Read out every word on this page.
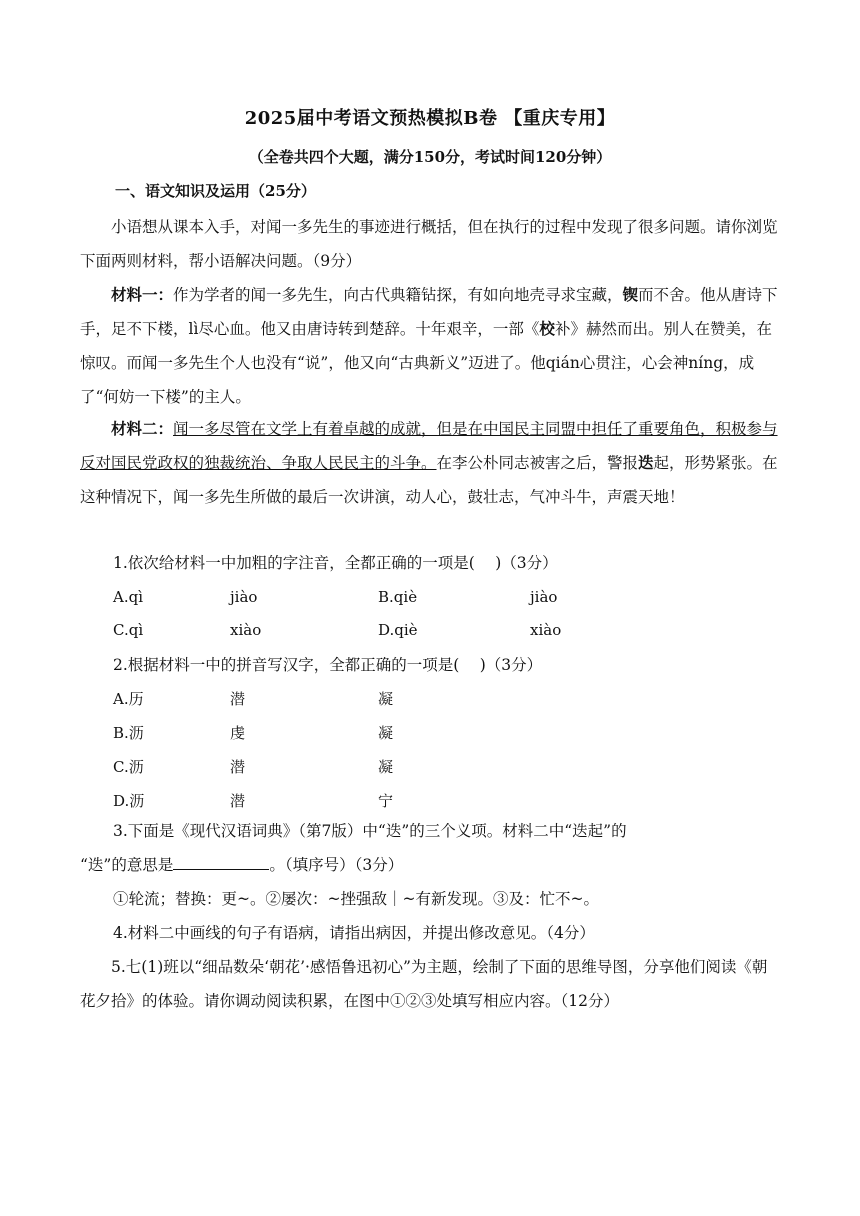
2025届中考语文预热模拟B卷 【重庆专用】
（全卷共四个大题，满分150分，考试时间120分钟）
一、语文知识及运用（25分）
小语想从课本入手，对闻一多先生的事迹进行概括，但在执行的过程中发现了很多问题。请你浏览下面两则材料，帮小语解决问题。（9分）
材料一：作为学者的闻一多先生，向古代典籍钻探，有如向地壳寻求宝藏，锲而不舍。他从唐诗下手，足不下楼，lì尽心血。他又由唐诗转到楚辞。十年艰辛，一部《校补》赫然而出。别人在赞美，在惊叹。而闻一多先生个人也没有“说”，他又向“古典新义”迈进了。他qián心贯注，心会神níng，成了“何妨一下楼”的主人。
材料二：闻一多尽管在文学上有着卓越的成就，但是在中国民主同盟中担任了重要角色，积极参与反对国民党政权的独裁统治、争取人民民主的斗争。在李公朴同志被害之后，警报迭起，形势紧张。在这种情况下，闻一多先生所做的最后一次讲演，动人心，鼓壮志，气冲斗牛，声震天地！
1.依次给材料一中加粗的字注音，全都正确的一项是(　 )（3分）
A.qì	jiào	B.qiè	jiào
C.qì	xiào	D.qiè	xiào
2.根据材料一中的拼音写汉字，全都正确的一项是(　 )（3分）
A.历	潜	凝
B.沥	虔	凝
C.沥	潜	凝
D.沥	潜	宁
3.下面是《现代汉语词典》（第7版）中“迭”的三个义项。材料二中“迭起”的
“迭”的意思是	。（填序号）（3分）
①轮流；替换：更~。②屡次：~挫强敌｜~有新发现。③及：忙不~。
4.材料二中画线的句子有语病，请指出病因，并提出修改意见。（4分）
5.七(1)班以“细品数朵‘朝花’·感悟鲁迅初心”为主题，绘制了下面的思维导图，分享他们阅读《朝花夕拾》的体验。请你调动阅读积累，在图中①②③处填写相应内容。（12分）
